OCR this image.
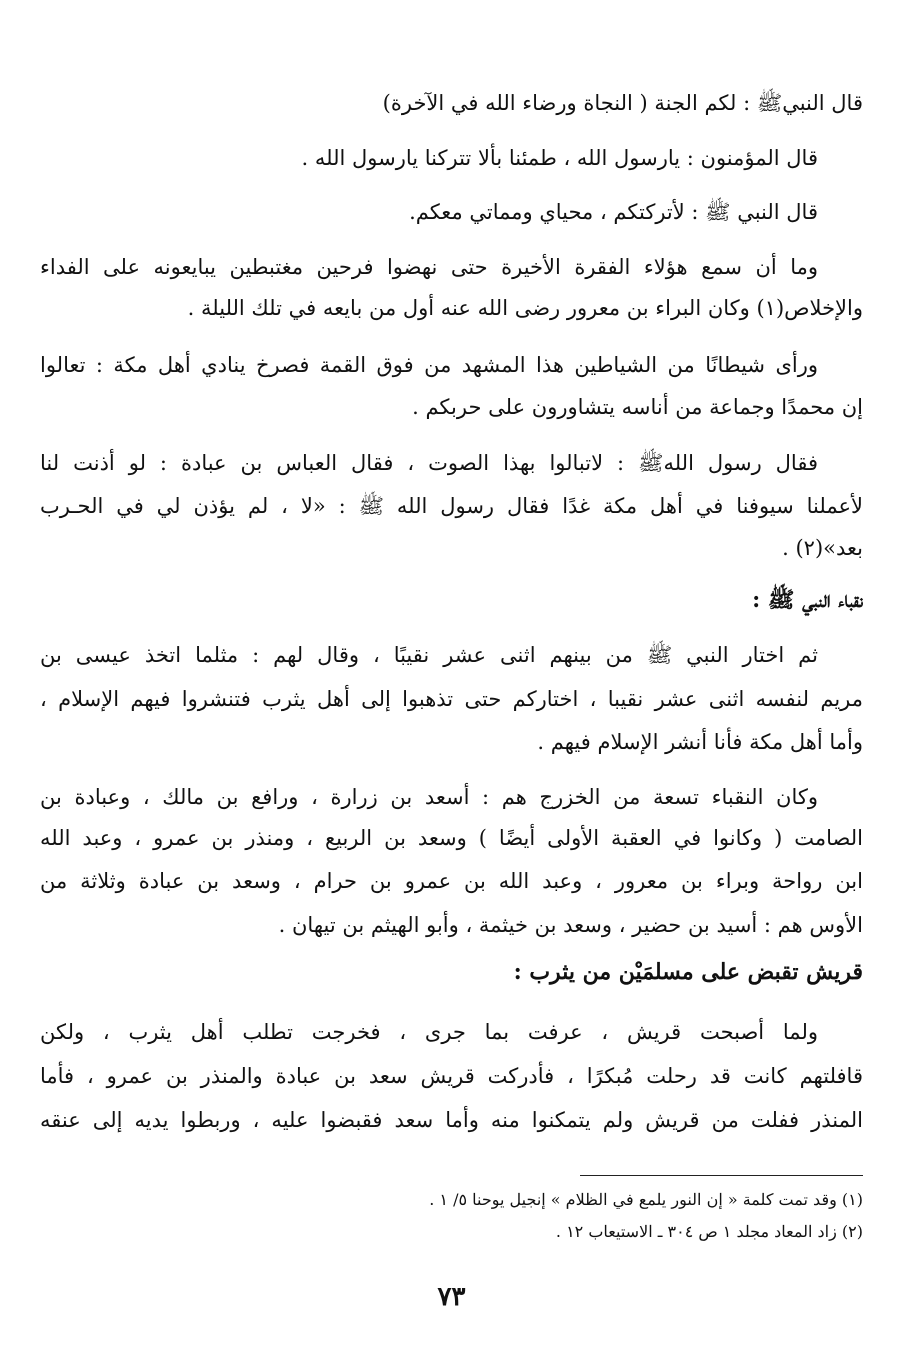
قال النبيﷺ : لكم الجنة ( النجاة ورضاء الله في الآخرة)
قال المؤمنون : يارسول الله ، طمئنا بألا تتركنا يارسول الله .
قال النبي ﷺ : لأتركتكم ، محياي ومماتي معكم.
وما أن سمع هؤلاء الفقرة الأخيرة حتى نهضوا فرحين مغتبطين يبايعونه على الفداء
والإخلاص(١) وكان البراء بن معرور رضى الله عنه أول من بايعه في تلك الليلة .
ورأى شيطانًا من الشياطين هذا المشهد من فوق القمة فصرخ ينادي أهل مكة : تعالوا
إن محمدًا وجماعة من أناسه يتشاورون على حربكم .
فقال رسول اللهﷺ : لاتبالوا بهذا الصوت ، فقال العباس بن عبادة : لو أذنت لنا
لأعملنا سيوفنا في أهل مكة غدًا فقال رسول الله ﷺ : «لا ، لم يؤذن لي في الحـرب
بعد»(٢) .
نقباء النبي ﷺ :
ثم اختار النبي ﷺ من بينهم اثنى عشر نقيبًا ، وقال لهم : مثلما اتخذ عيسى بن
مريم لنفسه اثنى عشر نقيبا ، اختاركم حتى تذهبوا إلى أهل يثرب فتنشروا فيهم الإسلام ،
وأما أهل مكة فأنا أنشر الإسلام فيهم .
وكان النقباء تسعة من الخزرج هم : أسعد بن زرارة ، ورافع بن مالك ، وعبادة بن
الصامت ( وكانوا في العقبة الأولى أيضًا ) وسعد بن الربيع ، ومنذر بن عمرو ، وعبد الله
ابن رواحة وبراء بن معرور ، وعبد الله بن عمرو بن حرام ، وسعد بن عبادة وثلاثة من
الأوس هم : أسيد بن حضير ، وسعد بن خيثمة ، وأبو الهيثم بن تيهان .
قريش تقبض على مسلمَيْن من يثرب :
ولما أصبحت قريش ، عرفت بما جرى ، فخرجت تطلب أهل يثرب ، ولكن
قافلتهم كانت قد رحلت مُبكرًا ، فأدركت قريش سعد بن عبادة والمنذر بن عمرو ، فأما
المنذر ففلت من قريش ولم يتمكنوا منه وأما سعد فقبضوا عليه ، وربطوا يديه إلى عنقه
(١) وقد تمت كلمة « إن النور يلمع في الظلام » إنجيل يوحنا ٥/ ١ .
(٢) زاد المعاد مجلد ١ ص ٣٠٤ ـ الاستيعاب ١٢ .
٧٣
